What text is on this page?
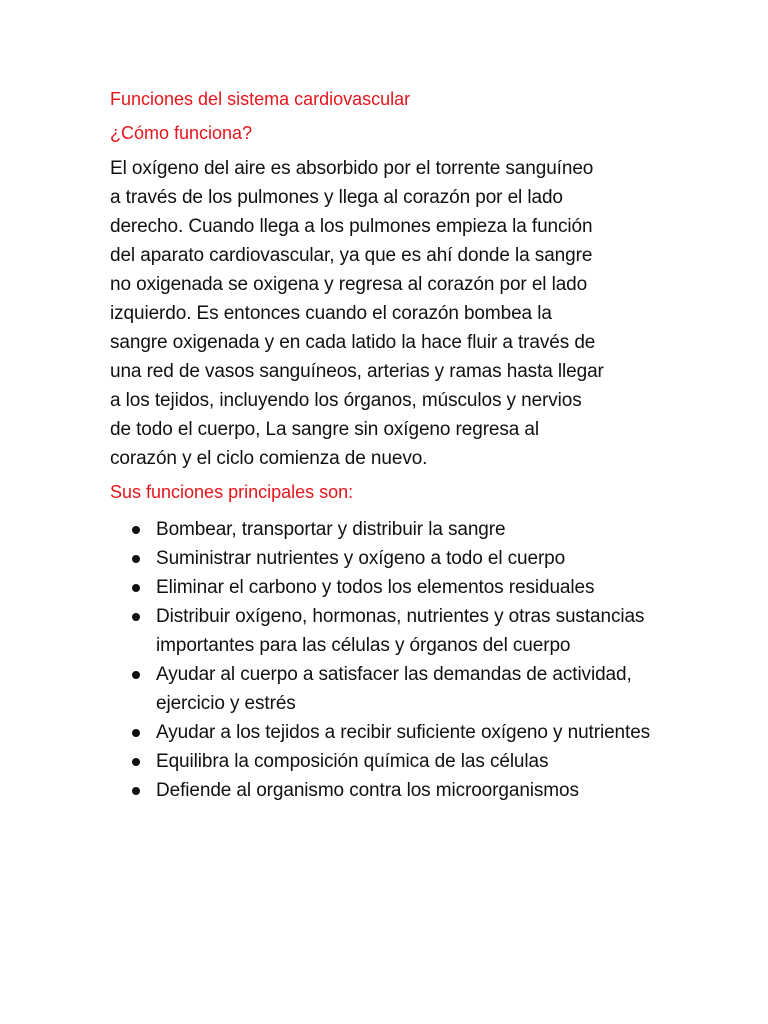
Funciones del sistema cardiovascular
¿Cómo funciona?
El oxígeno del aire es absorbido por el torrente sanguíneo
a través de los pulmones y llega al corazón por el lado
derecho. Cuando llega a los pulmones empieza la función
del aparato cardiovascular, ya que es ahí donde la sangre
no oxigenada se oxigena y regresa al corazón por el lado
izquierdo. Es entonces cuando el corazón bombea la
sangre oxigenada y en cada latido la hace fluir a través de
una red de vasos sanguíneos, arterias y ramas hasta llegar
a los tejidos, incluyendo los órganos, músculos y nervios
de todo el cuerpo, La sangre sin oxígeno regresa al
corazón y el ciclo comienza de nuevo.
Sus funciones principales son:
Bombear, transportar y distribuir la sangre
Suministrar nutrientes y oxígeno a todo el cuerpo
Eliminar el carbono y todos los elementos residuales
Distribuir oxígeno, hormonas, nutrientes y otras sustancias importantes para las células y órganos del cuerpo
Ayudar al cuerpo a satisfacer las demandas de actividad, ejercicio y estrés
Ayudar a los tejidos a recibir suficiente oxígeno y nutrientes
Equilibra la composición química de las células
Defiende al organismo contra los microorganismos
